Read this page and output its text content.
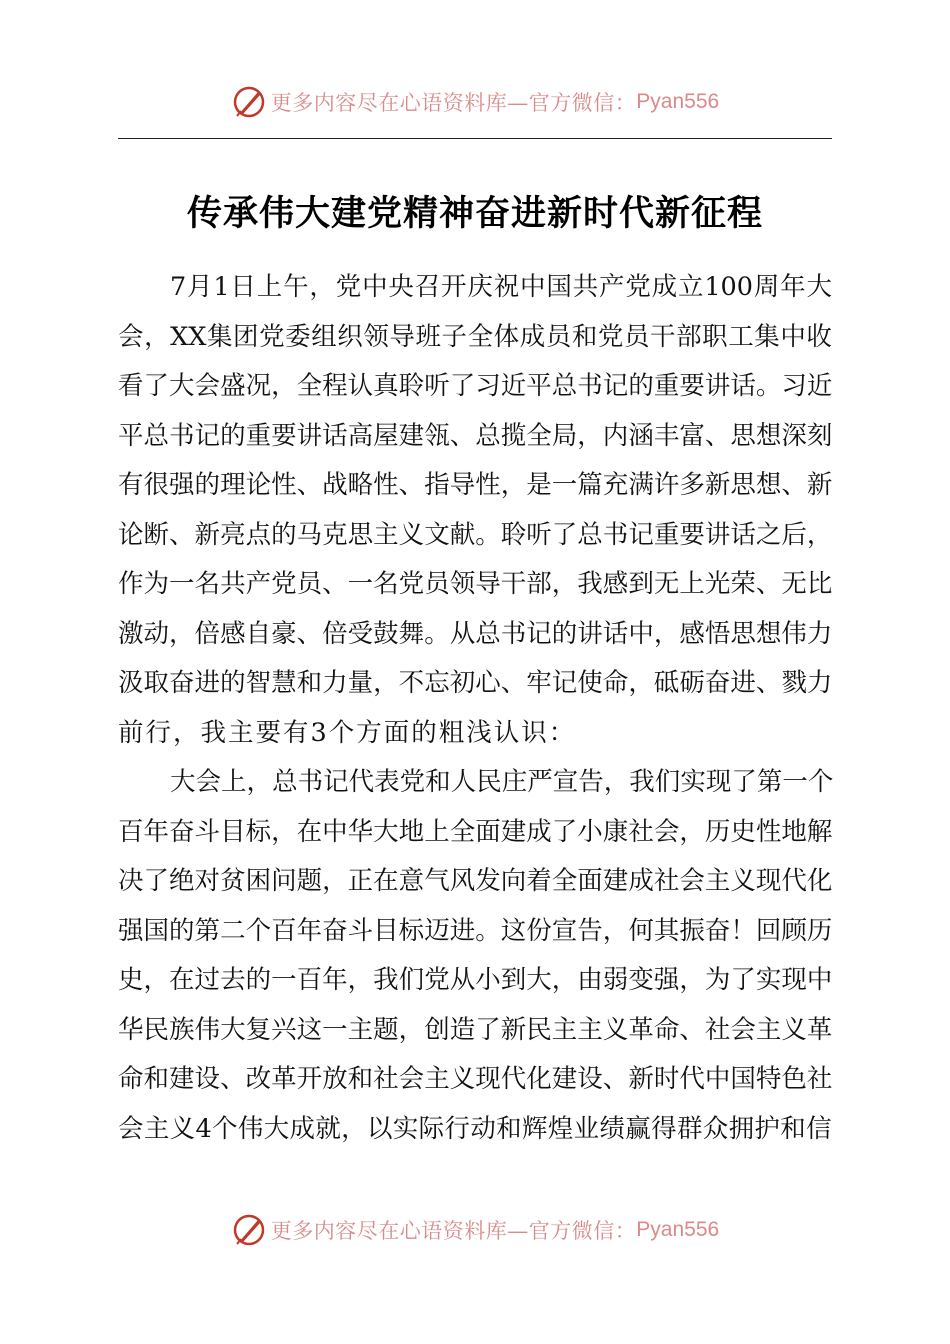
更多内容尽在心语资料库—官方微信： Pyan556
传承伟大建党精神奋进新时代新征程
7 月 1 日 上 午 ， 党 中 央 召 开 庆 祝 中 国 共 产 党 成 立 100 周 年 大
会 ， XX 集 团 党 委 组 织 领 导 班 子 全 体 成 员 和 党 员 干 部 职 工 集 中 收
看 了 大 会 盛 况 ， 全 程 认 真 聆 听 了 习 近 平 总 书 记 的 重 要 讲 话 。 习 近
平 总 书 记 的 重 要 讲 话 高 屋 建 瓴 、 总 揽 全 局 ， 内 涵 丰 富 、 思 想 深 刻
有 很 强 的 理 论 性 、 战 略 性 、 指 导 性 ， 是 一 篇 充 满 许 多 新 思 想 、 新
论 断 、 新 亮 点 的 马 克 思 主 义 文 献 。 聆 听 了 总 书 记 重 要 讲 话 之 后 ，
作 为 一 名 共 产 党 员 、 一 名 党 员 领 导 干 部 ， 我 感 到 无 上 光 荣 、 无 比
激 动 ， 倍 感 自 豪 、 倍 受 鼓 舞 。 从 总 书 记 的 讲 话 中 ， 感 悟 思 想 伟 力
汲 取 奋 进 的 智 慧 和 力 量 ， 不 忘 初 心 、 牢 记 使 命 ， 砥 砺 奋 进 、 戮 力
前行，我主要有3个方面的粗浅认识：
大 会 上 ， 总 书 记 代 表 党 和 人 民 庄 严 宣 告 ， 我 们 实 现 了 第 一 个
百 年 奋 斗 目 标 ， 在 中 华 大 地 上 全 面 建 成 了 小 康 社 会 ， 历 史 性 地 解
决 了 绝 对 贫 困 问 题 ， 正 在 意 气 风 发 向 着 全 面 建 成 社 会 主 义 现 代 化
强 国 的 第 二 个 百 年 奋 斗 目 标 迈 进 。 这 份 宣 告 ， 何 其 振 奋 ！ 回 顾 历
史 ， 在 过 去 的 一 百 年 ， 我 们 党 从 小 到 大 ， 由 弱 变 强 ， 为 了 实 现 中
华 民 族 伟 大 复 兴 这 一 主 题 ， 创 造 了 新 民 主 主 义 革 命 、 社 会 主 义 革
命 和 建 设 、 改 革 开 放 和 社 会 主 义 现 代 化 建 设 、 新 时 代 中 国 特 色 社
会 主 义 4 个 伟 大 成 就 ， 以 实 际 行 动 和 辉 煌 业 绩 赢 得 群 众 拥 护 和 信
更多内容尽在心语资料库—官方微信： Pyan556
